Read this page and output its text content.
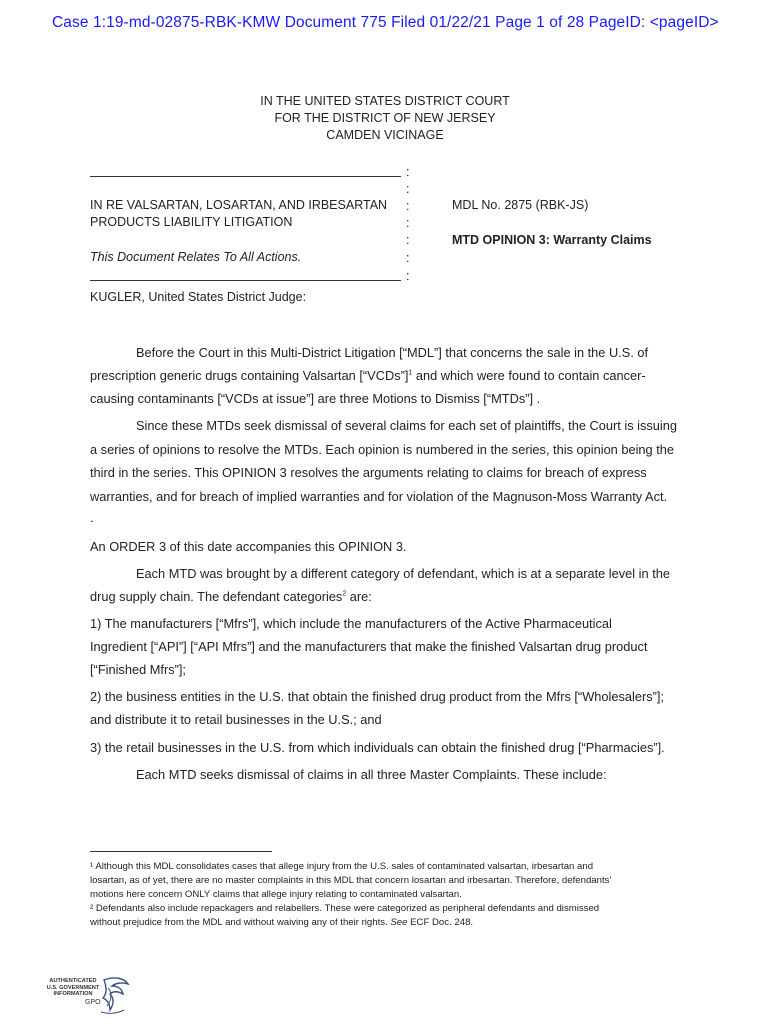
Case 1:19-md-02875-RBK-KMW Document 775 Filed 01/22/21 Page 1 of 28 PageID: <pageID>
IN THE UNITED STATES DISTRICT COURT
FOR THE DISTRICT OF NEW JERSEY
CAMDEN VICINAGE
:
:
:
:
:
:
:
IN RE VALSARTAN, LOSARTAN, AND IRBESARTAN
PRODUCTS LIABILITY LITIGATION
This Document Relates To All Actions.
MDL No. 2875 (RBK-JS)
MTD OPINION 3: Warranty Claims
KUGLER, United States District Judge:
Before the Court in this Multi-District Litigation [“MDL”] that concerns the sale in the U.S. of
prescription generic drugs containing Valsartan [“VCDs”]$^1$ and which were found to contain cancer-
causing contaminants [“VCDs at issue”] are three Motions to Dismiss [“MTDs”] .
Since these MTDs seek dismissal of several claims for each set of plaintiffs, the Court is issuing
a series of opinions to resolve the MTDs. Each opinion is numbered in the series, this opinion being the
third in the series. This OPINION 3 resolves the arguments relating to claims for breach of express
warranties, and for breach of implied warranties and for violation of the Magnuson-Moss Warranty Act.
.
An ORDER 3 of this date accompanies this OPINION 3.
Each MTD was brought by a different category of defendant, which is at a separate level in the
drug supply chain. The defendant categories$^2$ are:
1) The manufacturers [“Mfrs”], which include the manufacturers of the Active Pharmaceutical
Ingredient [“API”] [“API Mfrs”] and the manufacturers that make the finished Valsartan drug product
[“Finished Mfrs”];
2) the business entities in the U.S. that obtain the finished drug product from the Mfrs [“Wholesalers”];
and distribute it to retail businesses in the U.S.; and
3) the retail businesses in the U.S. from which individuals can obtain the finished drug [“Pharmacies”].
Each MTD seeks dismissal of claims in all three Master Complaints. These include:
¹ Although this MDL consolidates cases that allege injury from the U.S. sales of contaminated valsartan, irbesartan and
losartan, as of yet, there are no master complaints in this MDL that concern losartan and irbesartan. Therefore, defendants’
motions here concern ONLY claims that allege injury relating to contaminated valsartan.
² Defendants also include repackagers and relabellers. These were categorized as peripheral defendants and dismissed
without prejudice from the MDL and without waiving any of their rights. See ECF Doc. 248.
AUTHENTICATED
U.S. GOVERNMENT
INFORMATION
GPO
